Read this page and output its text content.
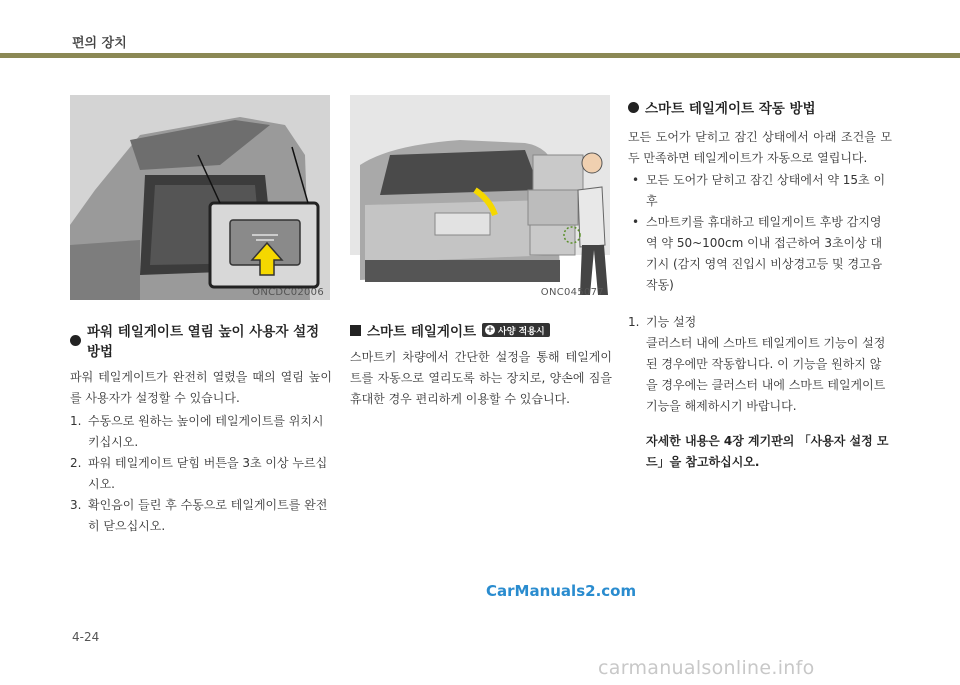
편의 장치
ONCDC02006
파워 테일게이트 열림 높이 사용자 설정 방법

파워 테일게이트가 완전히 열렸을 때의 열림 높이를 사용자가 설정할 수 있습니다.

1. 수동으로 원하는 높이에 테일게이트를 위치시키십시오.
2. 파워 테일게이트 닫힘 버튼을 3초 이상 누르십시오.
3. 확인음이 들린 후 수동으로 테일게이트를 완전히 닫으십시오.
ONC045077
스마트 테일게이트 + 사양 적용시

스마트키 차량에서 간단한 설정을 통해 테일게이트를 자동으로 열리도록 하는 장치로, 양손에 짐을 휴대한 경우 편리하게 이용할 수 있습니다.

스마트 테일게이트 작동 방법

모든 도어가 닫히고 잠긴 상태에서 아래 조건을 모두 만족하면 테일게이트가 자동으로 열립니다.

• 모든 도어가 닫히고 잠긴 상태에서 약 15초 이후
• 스마트키를 휴대하고 테일게이트 후방 감지영역 약 50~100cm 이내 접근하여 3초이상 대기시 (감지 영역 진입시 비상경고등 및 경고음 작동)
1. 기능 설정
클러스터 내에 스마트 테일게이트 기능이 설정된 경우에만 작동합니다. 이 기능을 원하지 않을 경우에는 클러스터 내에 스마트 테일게이트 기능을 해제하시기 바랍니다.
자세한 내용은 4장 계기판의 「사용자 설정 모드」을 참고하십시오.
CarManuals2.com
4-24
carmanualsonline.info
